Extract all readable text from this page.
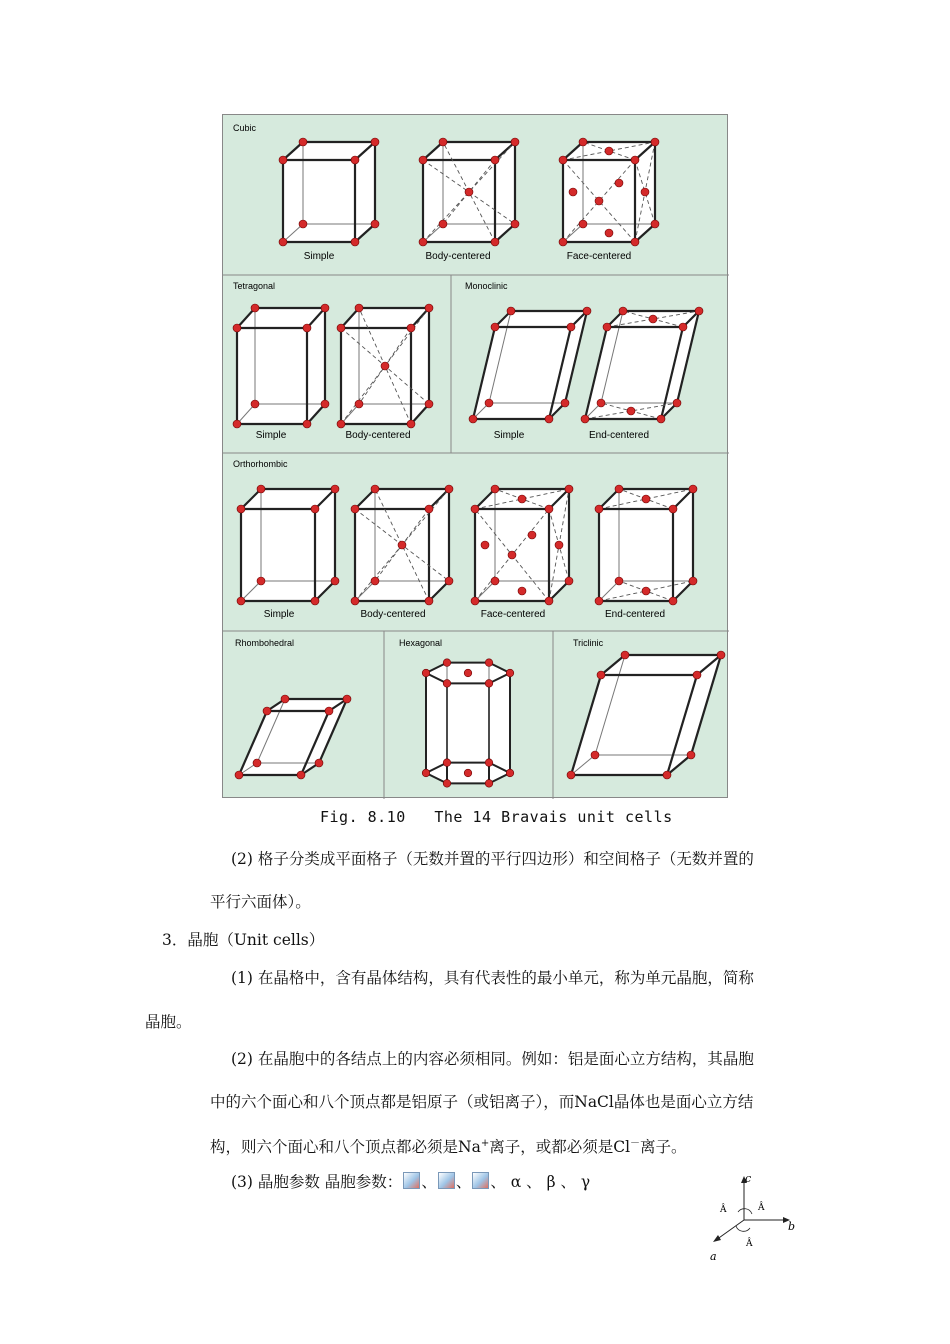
Cubic
Tetragonal	Monoclinic
Orthorhombic
Rhombohedral	Hexagonal	Triclinic
Simple	Body-centered	Face-centered
Simple	Body-centered	Simple	End-centered
Simple	Body-centered	Face-centered	End-centered
Fig. 8.10   The 14 Bravais unit cells
(2) 格子分类成平面格子（无数并置的平行四边形）和空间格子（无数并置的
平行六面体）。
3．晶胞（Unit cells）
(1) 在晶格中，含有晶体结构，具有代表性的最小单元，称为单元晶胞，简称
晶胞。
(2) 在晶胞中的各结点上的内容必须相同。例如：铝是面心立方结构，其晶胞
中的六个面心和八个顶点都是铝原子（或铝离子），而NaCl晶体也是面心立方结
构，则六个面心和八个顶点都必须是Na+离子，或都必须是Cl－离子。
(3) 晶胞参数 晶胞参数： 、 、 、 α 、 β 、 γ	c
b
a
Â	Â
Â
